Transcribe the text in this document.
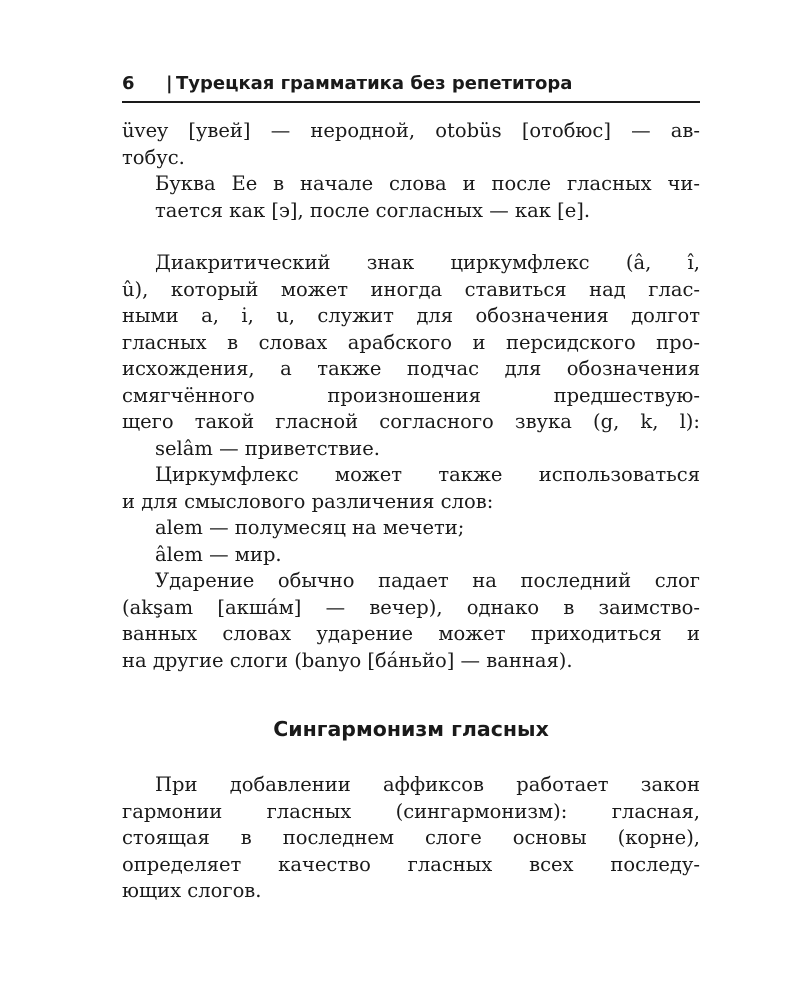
6	| Турецкая грамматика без репетитора
üvey [увей] — неродной, otobüs [отобюс] — ав-
тобус.
Буква Ее в начале слова и после гласных чи-
тается как [э], после согласных — как [е].
Диакритический знак циркумфлекс (â, î,
û), который может иногда ставиться над глас-
ными a, i, u, служит для обозначения долгот
гласных в словах арабского и персидского про-
исхождения, а также подчас для обозначения
смягчённого произношения предшествую-
щего такой гласной согласного звука (g, k, l):
selâm — приветствие.
Циркумфлекс может также использоваться
и для смыслового различения слов:
alem — полумесяц на мечети;
âlem — мир.
Ударение обычно падает на последний слог
(akşam [акшáм] — вечер), однако в заимство-
ванных словах ударение может приходиться и
на другие слоги (banyo [бáньйо] — ванная).
Сингармонизм гласных
При добавлении аффиксов работает закон
гармонии гласных (сингармонизм): гласная,
стоящая в последнем слоге основы (корне),
определяет качество гласных всех последу-
ющих слогов.
